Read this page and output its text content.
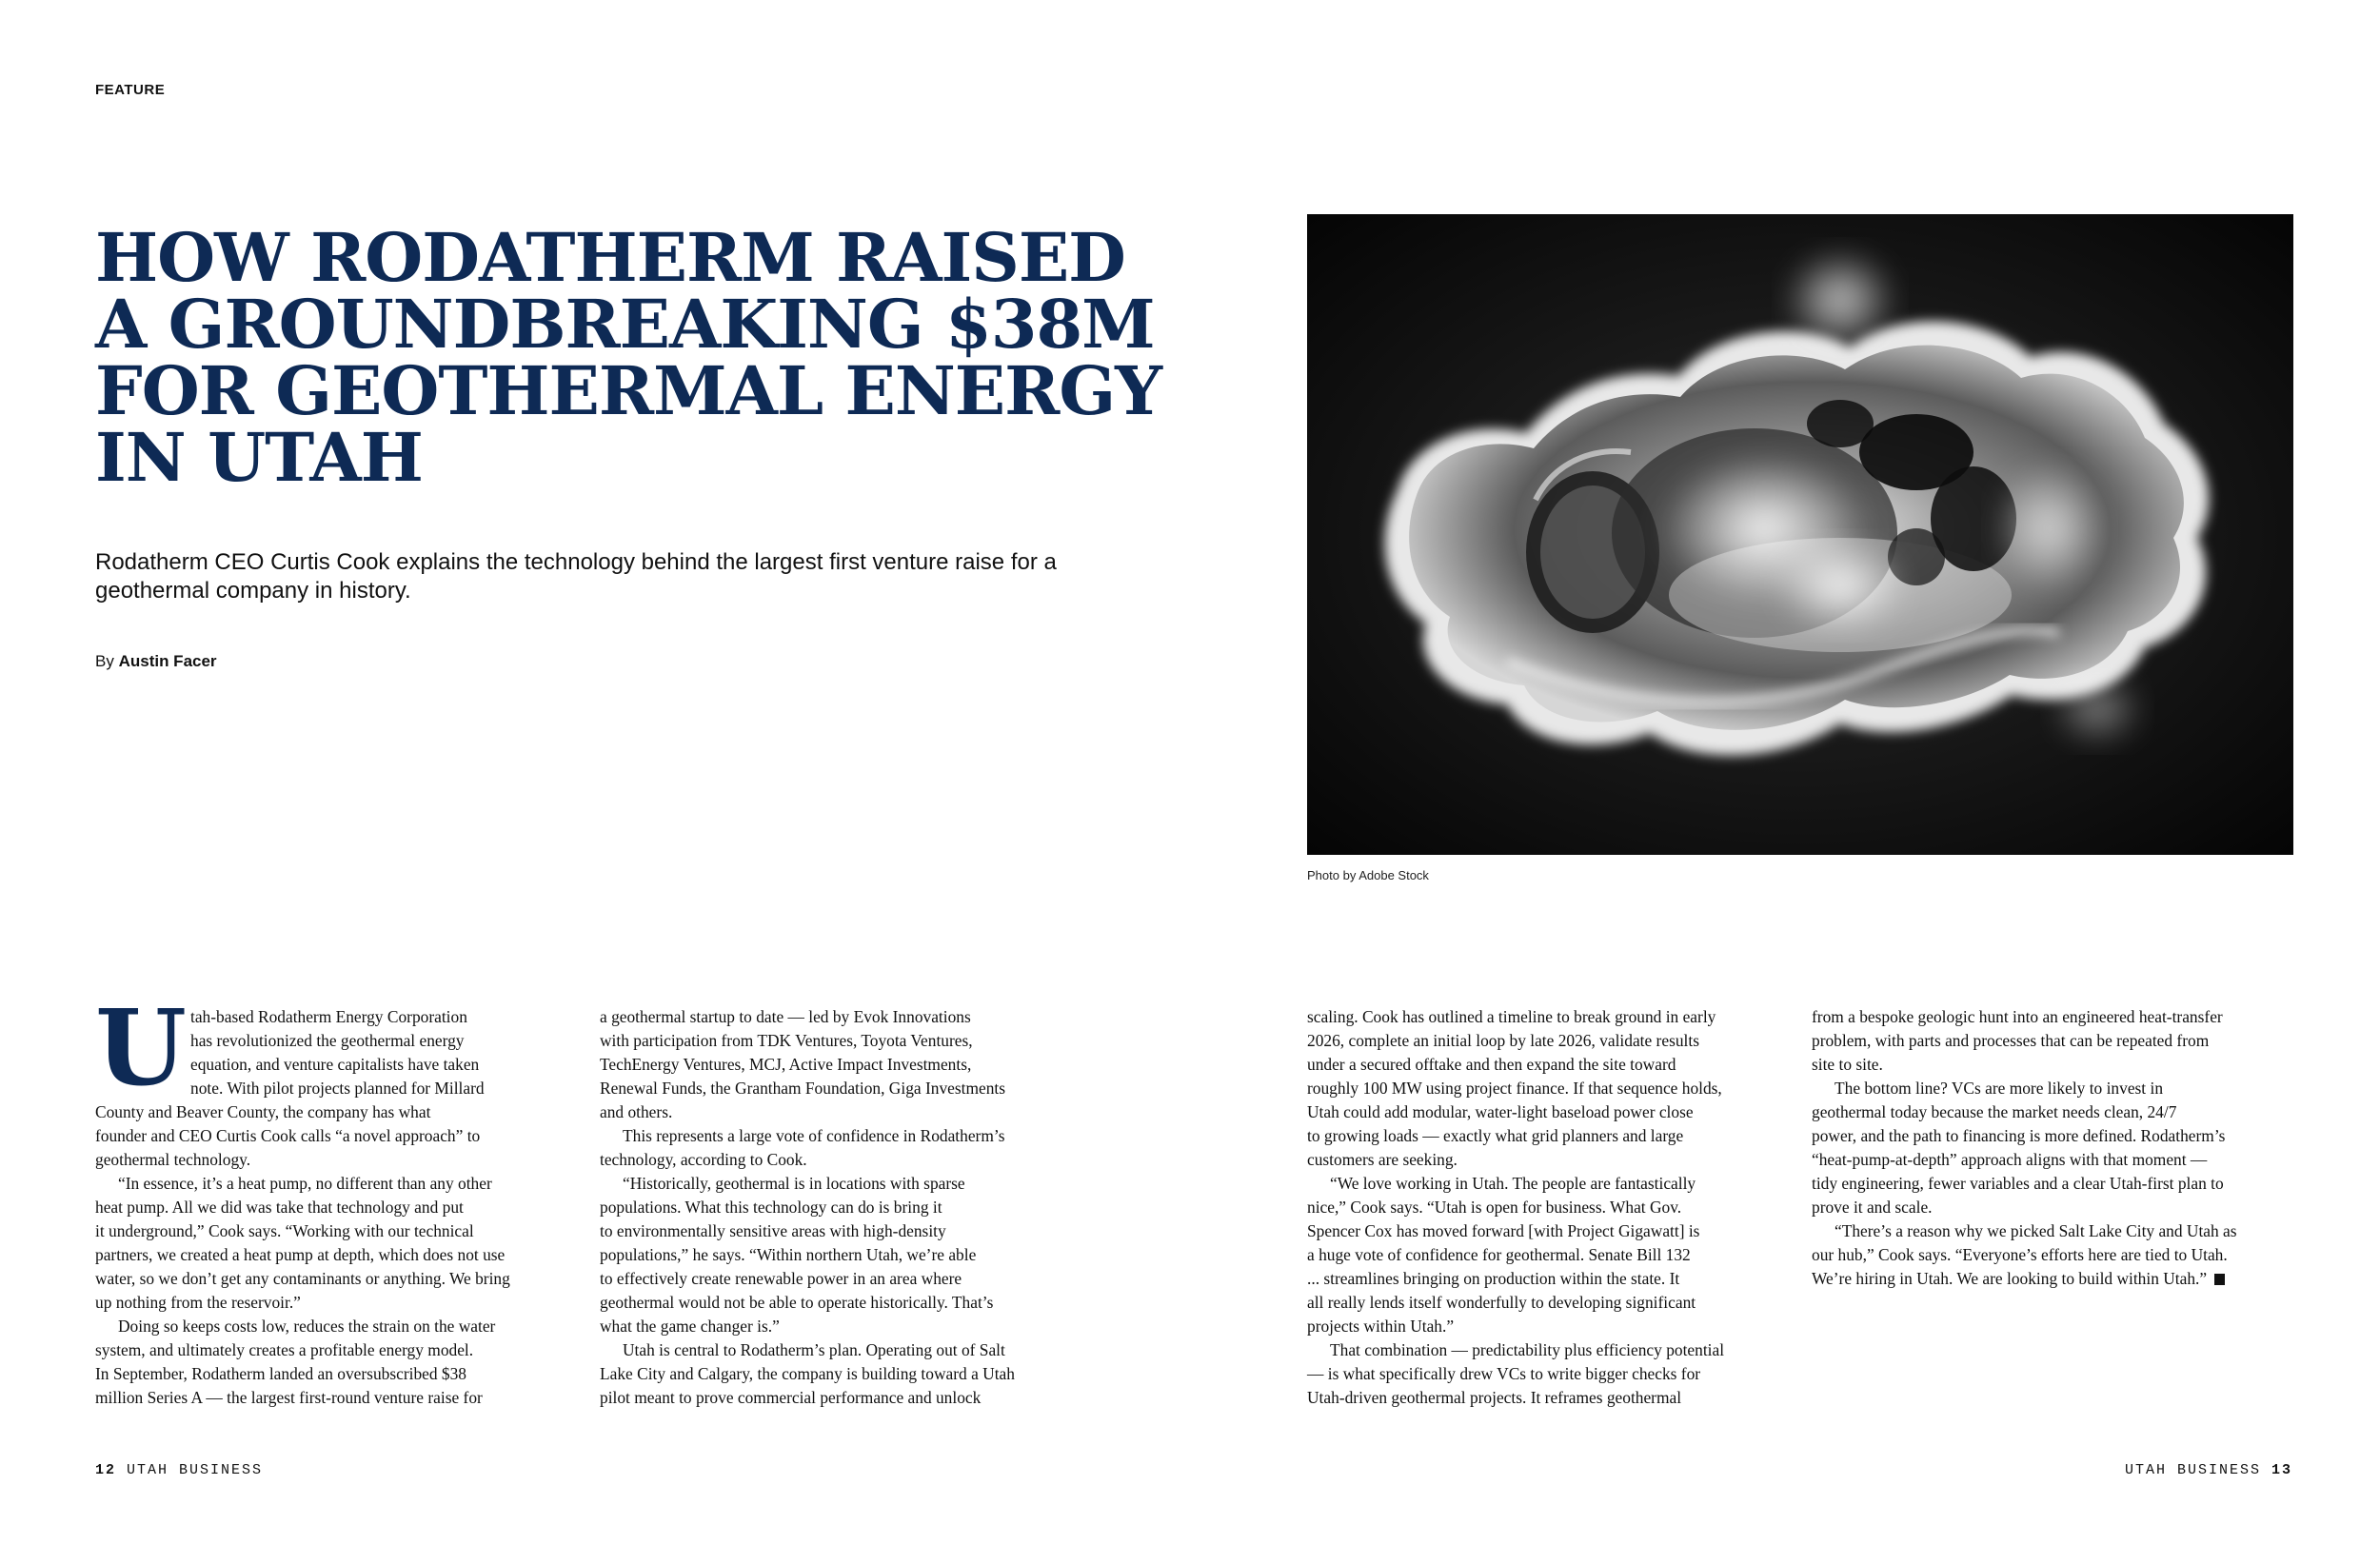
FEATURE
HOW RODATHERM RAISED
A GROUNDBREAKING $38M
FOR GEOTHERMAL ENERGY
IN UTAH

Rodatherm CEO Curtis Cook explains the technology behind the largest first venture raise for a
geothermal company in history.

By Austin Facer
Photo by Adobe Stock
U tah-based Rodatherm Energy Corporation
has revolutionized the geothermal energy
equation, and venture capitalists have taken
note. With pilot projects planned for Millard
County and Beaver County, the company has what
founder and CEO Curtis Cook calls “a novel approach” to
geothermal technology.
“In essence, it’s a heat pump, no different than any other
heat pump. All we did was take that technology and put
it underground,” Cook says. “Working with our technical
partners, we created a heat pump at depth, which does not use
water, so we don’t get any contaminants or anything. We bring
up nothing from the reservoir.”
Doing so keeps costs low, reduces the strain on the water
system, and ultimately creates a profitable energy model.
In September, Rodatherm landed an oversubscribed $38
million Series A — the largest first-round venture raise for
a geothermal startup to date — led by Evok Innovations
with participation from TDK Ventures, Toyota Ventures,
TechEnergy Ventures, MCJ, Active Impact Investments,
Renewal Funds, the Grantham Foundation, Giga Investments
and others.
This represents a large vote of confidence in Rodatherm’s
technology, according to Cook.
“Historically, geothermal is in locations with sparse
populations. What this technology can do is bring it
to environmentally sensitive areas with high-density
populations,” he says. “Within northern Utah, we’re able
to effectively create renewable power in an area where
geothermal would not be able to operate historically. That’s
what the game changer is.”
Utah is central to Rodatherm’s plan. Operating out of Salt
Lake City and Calgary, the company is building toward a Utah
pilot meant to prove commercial performance and unlock
scaling. Cook has outlined a timeline to break ground in early
2026, complete an initial loop by late 2026, validate results
under a secured offtake and then expand the site toward
roughly 100 MW using project finance. If that sequence holds,
Utah could add modular, water-light baseload power close
to growing loads — exactly what grid planners and large
customers are seeking.
“We love working in Utah. The people are fantastically
nice,” Cook says. “Utah is open for business. What Gov.
Spencer Cox has moved forward [with Project Gigawatt] is
a huge vote of confidence for geothermal. Senate Bill 132
... streamlines bringing on production within the state. It
all really lends itself wonderfully to developing significant
projects within Utah.”
That combination — predictability plus efficiency potential
— is what specifically drew VCs to write bigger checks for
Utah-driven geothermal projects. It reframes geothermal
from a bespoke geologic hunt into an engineered heat-transfer
problem, with parts and processes that can be repeated from
site to site.
The bottom line? VCs are more likely to invest in
geothermal today because the market needs clean, 24/7
power, and the path to financing is more defined. Rodatherm’s
“heat-pump-at-depth” approach aligns with that moment —
tidy engineering, fewer variables and a clear Utah-first plan to
prove it and scale.
“There’s a reason why we picked Salt Lake City and Utah as
our hub,” Cook says. “Everyone’s efforts here are tied to Utah.
We’re hiring in Utah. We are looking to build within Utah.”
12 UTAH BUSINESS	UTAH BUSINESS 13
